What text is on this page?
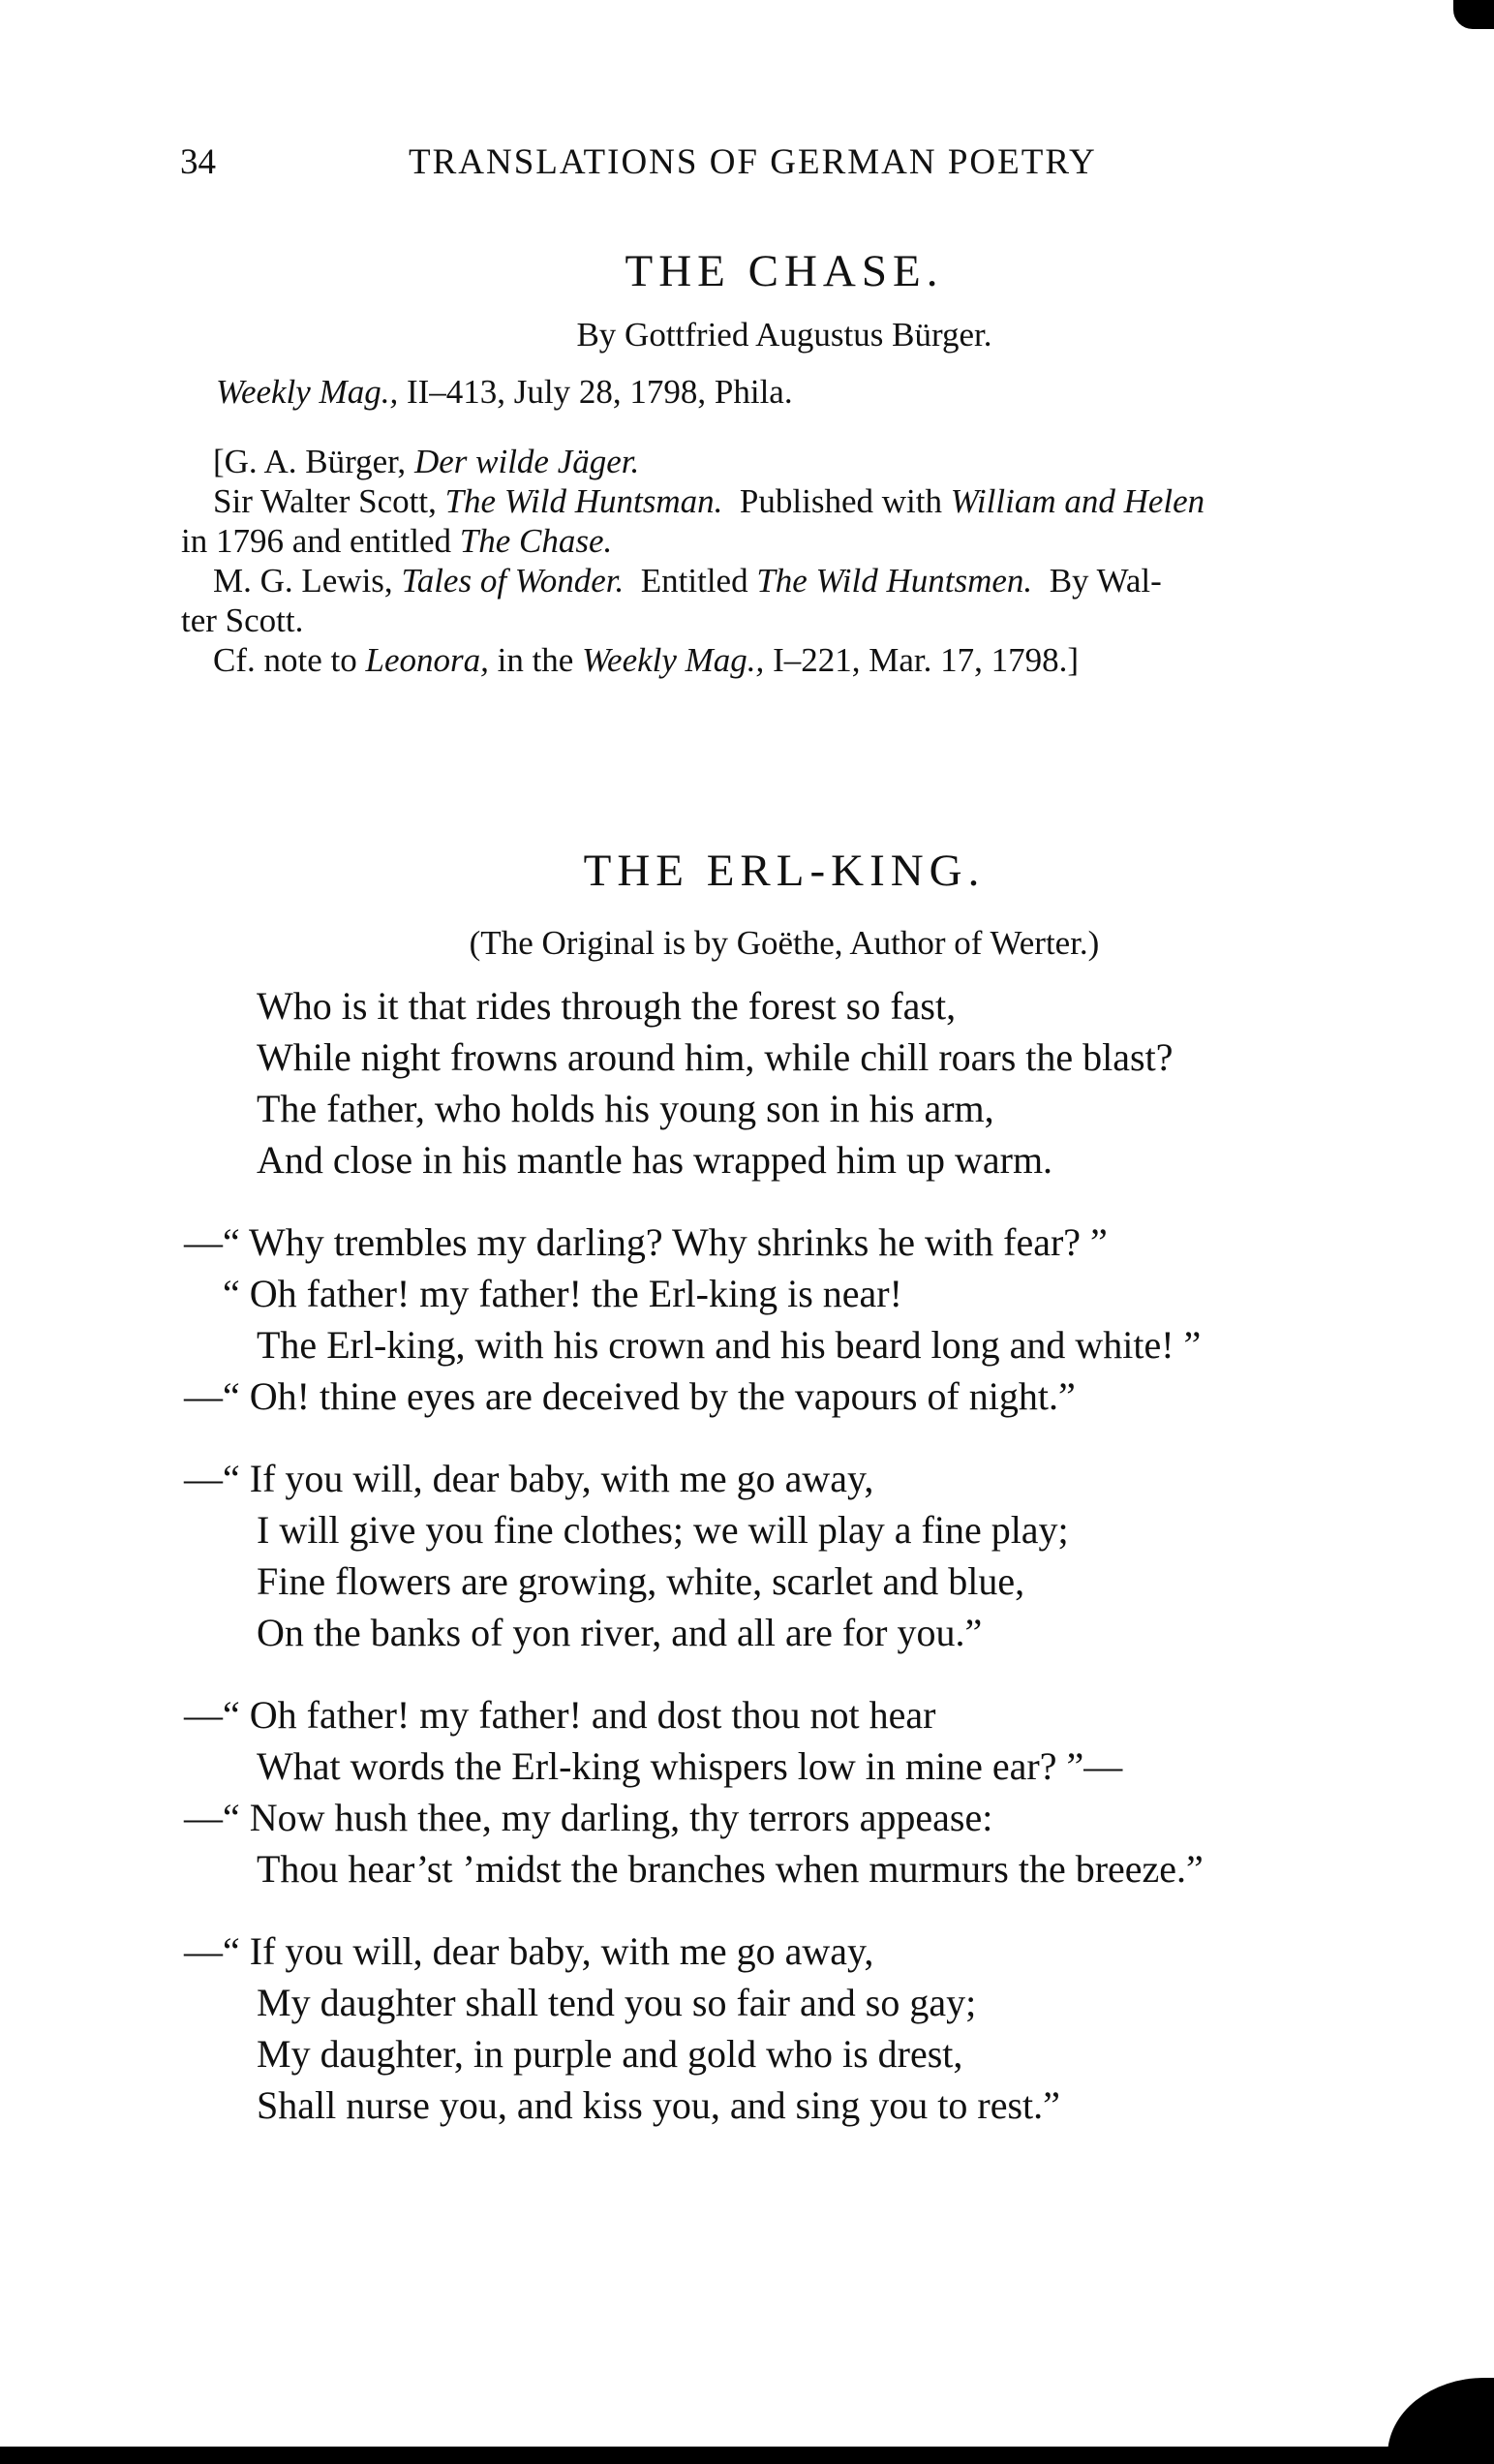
34	TRANSLATIONS OF GERMAN POETRY
THE CHASE.
By Gottfried Augustus Bürger.
Weekly Mag., II–413, July 28, 1798, Phila.
[G. A. Bürger, Der wilde Jäger.
Sir Walter Scott, The Wild Huntsman.  Published with William and Helen
in 1796 and entitled The Chase.
M. G. Lewis, Tales of Wonder.  Entitled The Wild Huntsmen.  By Wal-
ter Scott.
Cf. note to Leonora, in the Weekly Mag., I–221, Mar. 17, 1798.]
THE ERL-KING.
(The Original is by Goëthe, Author of Werter.)
Who is it that rides through the forest so fast,
While night frowns around him, while chill roars the blast?
The father, who holds his young son in his arm,
And close in his mantle has wrapped him up warm.
—“ Why trembles my darling? Why shrinks he with fear? ”
“ Oh father! my father! the Erl-king is near!
The Erl-king, with his crown and his beard long and white! ”
—“ Oh! thine eyes are deceived by the vapours of night.”
—“ If you will, dear baby, with me go away,
I will give you fine clothes; we will play a fine play;
Fine flowers are growing, white, scarlet and blue,
On the banks of yon river, and all are for you.”
—“ Oh father! my father! and dost thou not hear
What words the Erl-king whispers low in mine ear? ”—
—“ Now hush thee, my darling, thy terrors appease:
Thou hear’st ’midst the branches when murmurs the breeze.”
—“ If you will, dear baby, with me go away,
My daughter shall tend you so fair and so gay;
My daughter, in purple and gold who is drest,
Shall nurse you, and kiss you, and sing you to rest.”
